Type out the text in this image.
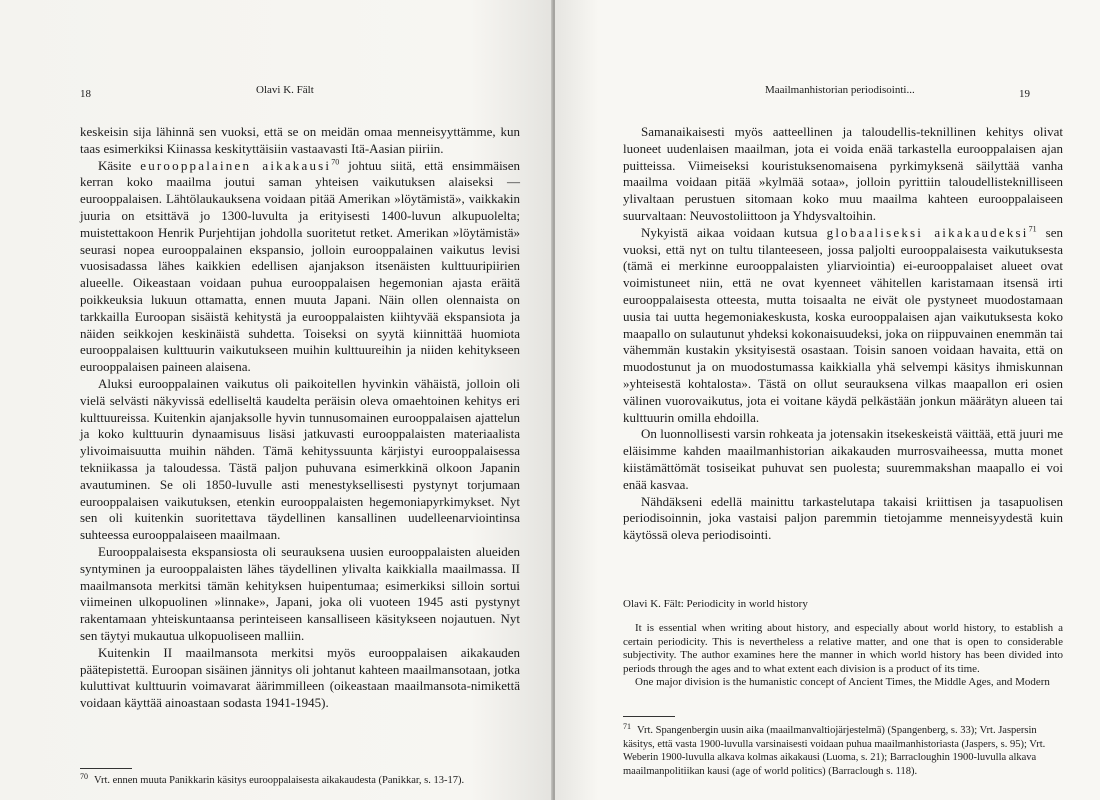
18	Olavi K. Fält

keskeisin sija lähinnä sen vuoksi, että se on meidän omaa menneisyyttämme, kun taas esimerkiksi Kiinassa keskityttäisiin vastaavasti Itä-Aasian piiriin.

Käsite eurooppalainen aikakausi$^{70}$ johtuu siitä, että ensimmäisen kerran koko maailma joutui saman yhteisen vaikutuksen alaiseksi — eurooppalaisen. Lähtölaukauksena voidaan pitää Amerikan »löytämistä», vaikkakin juuria on etsittävä jo 1300-luvulta ja erityisesti 1400-luvun alkupuolelta; muistettakoon Henrik Purjehtijan johdolla suoritetut retket. Amerikan »löytämistä» seurasi nopea eurooppalainen ekspansio, jolloin eurooppalainen vaikutus levisi vuosisadassa lähes kaikkien edellisen ajanjakson itsenäisten kulttuuripiirien alueelle. Oikeastaan voidaan puhua eurooppalaisen hegemonian ajasta eräitä poikkeuksia lukuun ottamatta, ennen muuta Japani. Näin ollen olennaista on tarkkailla Euroopan sisäistä kehitystä ja eurooppalaisten kiihtyvää ekspansiota ja näiden seikkojen keskinäistä suhdetta. Toiseksi on syytä kiinnittää huomiota eurooppalaisen kulttuurin vaikutukseen muihin kulttuureihin ja niiden kehitykseen eurooppalaisen paineen alaisena.

Aluksi eurooppalainen vaikutus oli paikoitellen hyvinkin vähäistä, jolloin oli vielä selvästi näkyvissä edelliseltä kaudelta peräisin oleva omaehtoinen kehitys eri kulttuureissa. Kuitenkin ajanjaksolle hyvin tunnusomainen eurooppalaisen ajattelun ja koko kulttuurin dynaamisuus lisäsi jatkuvasti eurooppalaisten materiaalista ylivoimaisuutta muihin nähden. Tämä kehityssuunta kärjistyi eurooppalaisessa tekniikassa ja taloudessa. Tästä paljon puhuvana esimerkkinä olkoon Japanin avautuminen. Se oli 1850-luvulle asti menestyksellisesti pystynyt torjumaan eurooppalaisen vaikutuksen, etenkin eurooppalaisten hegemoniapyrkimykset. Nyt sen oli kuitenkin suoritettava täydellinen kansallinen uudelleenarviointinsa suhteessa eurooppalaiseen maailmaan.

Eurooppalaisesta ekspansiosta oli seurauksena uusien eurooppalaisten alueiden syntyminen ja eurooppalaisten lähes täydellinen ylivalta kaikkialla maailmassa. II maailmansota merkitsi tämän kehityksen huipentumaa; esimerkiksi silloin sortui viimeinen ulkopuolinen »linnake», Japani, joka oli vuoteen 1945 asti pystynyt rakentamaan yhteiskuntaansa perinteiseen kansalliseen käsitykseen nojautuen. Nyt sen täytyi mukautua ulkopuoliseen malliin.

Kuitenkin II maailmansota merkitsi myös eurooppalaisen aikakauden päätepistettä. Euroopan sisäinen jännitys oli johtanut kahteen maailmansotaan, jotka kuluttivat kulttuurin voimavarat äärimmilleen (oikeastaan maailmansota-nimikettä voidaan käyttää ainoastaan sodasta 1941-1945).

$^{70}$ Vrt. ennen muuta Panikkarin käsitys eurooppalaisesta aikakaudesta (Panikkar, s. 13-17).
Maailmanhistorian periodisointi...	19

Samanaikaisesti myös aatteellinen ja taloudellis-teknillinen kehitys olivat luoneet uudenlaisen maailman, jota ei voida enää tarkastella eurooppalaisen ajan puitteissa. Viimeiseksi kouristuksenomaisena pyrkimyksenä säilyttää vanha maailma voidaan pitää »kylmää sotaa», jolloin pyrittiin taloudellisteknilliseen ylivaltaan perustuen sitomaan koko muu maailma kahteen eurooppalaiseen suurvaltaan: Neuvostoliittoon ja Yhdysvaltoihin.

Nykyistä aikaa voidaan kutsua globaaliseksi aikakaudeksi$^{71}$ sen vuoksi, että nyt on tultu tilanteeseen, jossa paljolti eurooppalaisesta vaikutuksesta (tämä ei merkinne eurooppalaisten yliarviointia) ei-eurooppalaiset alueet ovat voimistuneet niin, että ne ovat kyenneet vähitellen karistamaan itsensä irti eurooppalaisesta otteesta, mutta toisaalta ne eivät ole pystyneet muodostamaan uusia tai uutta hegemoniakeskusta, koska eurooppalaisen ajan vaikutuksesta koko maapallo on sulautunut yhdeksi kokonaisuudeksi, joka on riippuvainen enemmän tai vähemmän kustakin yksityisestä osastaan. Toisin sanoen voidaan havaita, että on muodostunut ja on muodostumassa kaikkialla yhä selvempi käsitys ihmiskunnan »yhteisestä kohtalosta». Tästä on ollut seurauksena vilkas maapallon eri osien välinen vuorovaikutus, jota ei voitane käydä pelkästään jonkun määrätyn alueen tai kulttuurin omilla ehdoilla.

On luonnollisesti varsin rohkeata ja jotensakin itsekeskeistä väittää, että juuri me eläisimme kahden maailmanhistorian aikakauden murrosvaiheessa, mutta monet kiistämättömät tosiseikat puhuvat sen puolesta; suuremmakshan maapallo ei voi enää kasvaa.

Nähdäkseni edellä mainittu tarkastelutapa takaisi kriittisen ja tasapuolisen periodisoinnin, joka vastaisi paljon paremmin tietojamme menneisyydestä kuin käytössä oleva periodisointi.

Olavi K. Fält: Periodicity in world history

It is essential when writing about history, and especially about world history, to establish a certain periodicity. This is nevertheless a relative matter, and one that is open to considerable subjectivity. The author examines here the manner in which world history has been divided into periods through the ages and to what extent each division is a product of its time.

One major division is the humanistic concept of Ancient Times, the Middle Ages, and Modern

$^{71}$ Vrt. Spangenbergin uusin aika (maailmanvaltiojärjestelmä) (Spangenberg, s. 33); Vrt. Jaspersin käsitys, että vasta 1900-luvulla varsinaisesti voidaan puhua maailmanhistoriasta (Jaspers, s. 95); Vrt. Weberin 1900-luvulla alkava kolmas aikakausi (Luoma, s. 21); Barracloughin 1900-luvulla alkava maailmanpolitiikan kausi (age of world politics) (Barraclough s. 118).
